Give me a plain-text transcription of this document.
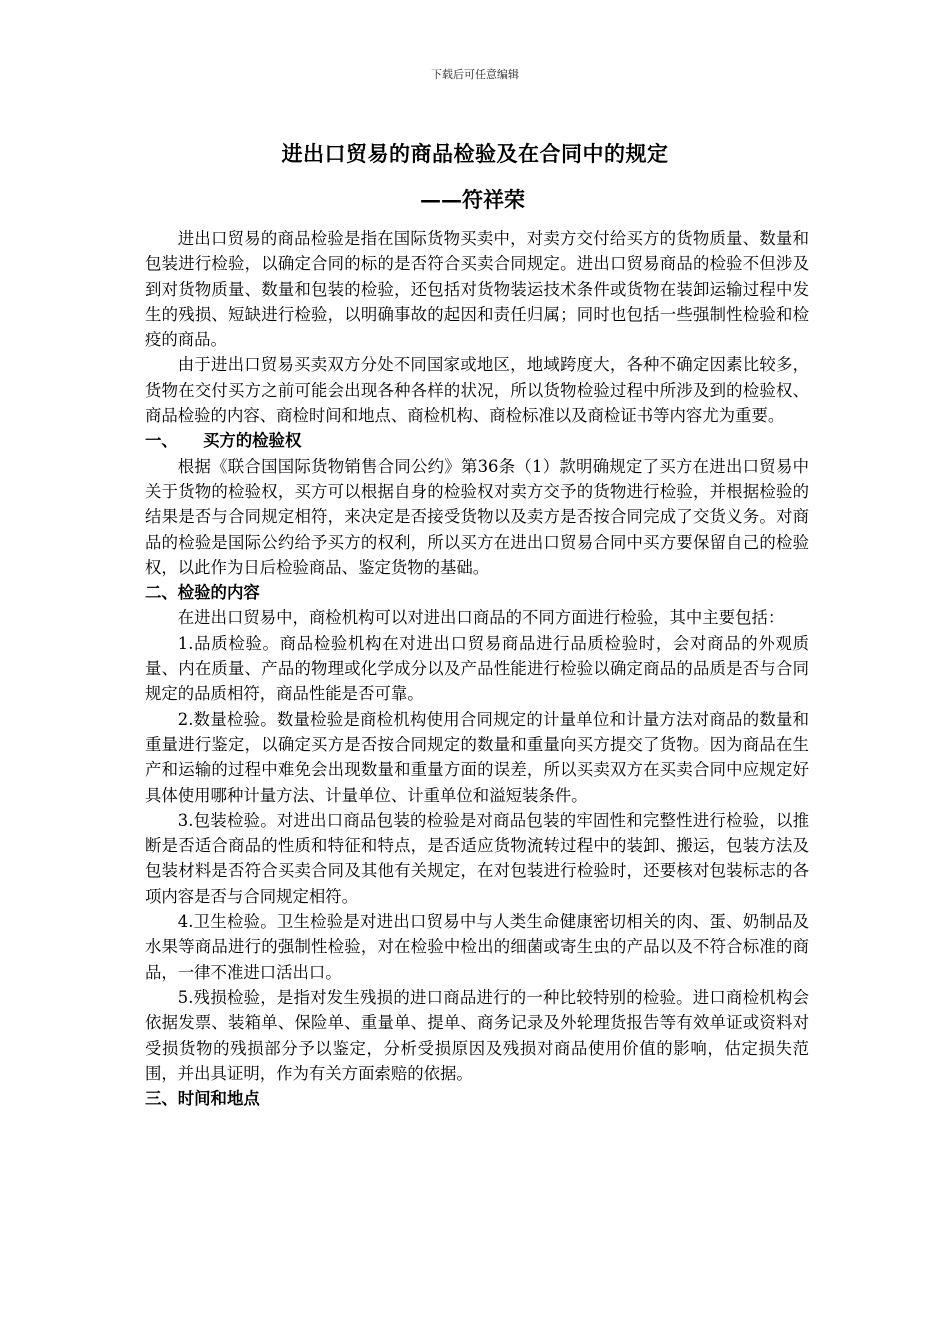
下载后可任意编辑
进出口贸易的商品检验及在合同中的规定
——符祥荣

进出口贸易的商品检验是指在国际货物买卖中，对卖方交付给买方的货物质量、数量和包装进行检验，以确定合同的标的是否符合买卖合同规定。进出口贸易商品的检验不但涉及到对货物质量、数量和包装的检验，还包括对货物装运技术条件或货物在装卸运输过程中发生的残损、短缺进行检验，以明确事故的起因和责任归属；同时也包括一些强制性检验和检疫的商品。

由于进出口贸易买卖双方分处不同国家或地区，地域跨度大，各种不确定因素比较多，货物在交付买方之前可能会出现各种各样的状况，所以货物检验过程中所涉及到的检验权、商品检验的内容、商检时间和地点、商检机构、商检标准以及商检证书等内容尤为重要。

一、 买方的检验权

根据《联合国国际货物销售合同公约》第36条（1）款明确规定了买方在进出口贸易中关于货物的检验权，买方可以根据自身的检验权对卖方交予的货物进行检验，并根据检验的结果是否与合同规定相符，来决定是否接受货物以及卖方是否按合同完成了交货义务。对商品的检验是国际公约给予买方的权利，所以买方在进出口贸易合同中买方要保留自己的检验权，以此作为日后检验商品、鉴定货物的基础。

二、检验的内容

在进出口贸易中，商检机构可以对进出口商品的不同方面进行检验，其中主要包括：

1.品质检验。商品检验机构在对进出口贸易商品进行品质检验时，会对商品的外观质量、内在质量、产品的物理或化学成分以及产品性能进行检验以确定商品的品质是否与合同规定的品质相符，商品性能是否可靠。

2.数量检验。数量检验是商检机构使用合同规定的计量单位和计量方法对商品的数量和重量进行鉴定，以确定买方是否按合同规定的数量和重量向买方提交了货物。因为商品在生产和运输的过程中难免会出现数量和重量方面的误差，所以买卖双方在买卖合同中应规定好具体使用哪种计量方法、计量单位、计重单位和溢短装条件。

3.包装检验。对进出口商品包装的检验是对商品包装的牢固性和完整性进行检验，以推断是否适合商品的性质和特征和特点，是否适应货物流转过程中的装卸、搬运，包装方法及包装材料是否符合买卖合同及其他有关规定，在对包装进行检验时，还要核对包装标志的各项内容是否与合同规定相符。

4.卫生检验。卫生检验是对进出口贸易中与人类生命健康密切相关的肉、蛋、奶制品及水果等商品进行的强制性检验，对在检验中检出的细菌或寄生虫的产品以及不符合标准的商品，一律不准进口活出口。

5.残损检验，是指对发生残损的进口商品进行的一种比较特别的检验。进口商检机构会依据发票、装箱单、保险单、重量单、提单、商务记录及外轮理货报告等有效单证或资料对受损货物的残损部分予以鉴定，分析受损原因及残损对商品使用价值的影响，估定损失范围，并出具证明，作为有关方面索赔的依据。

三、时间和地点
